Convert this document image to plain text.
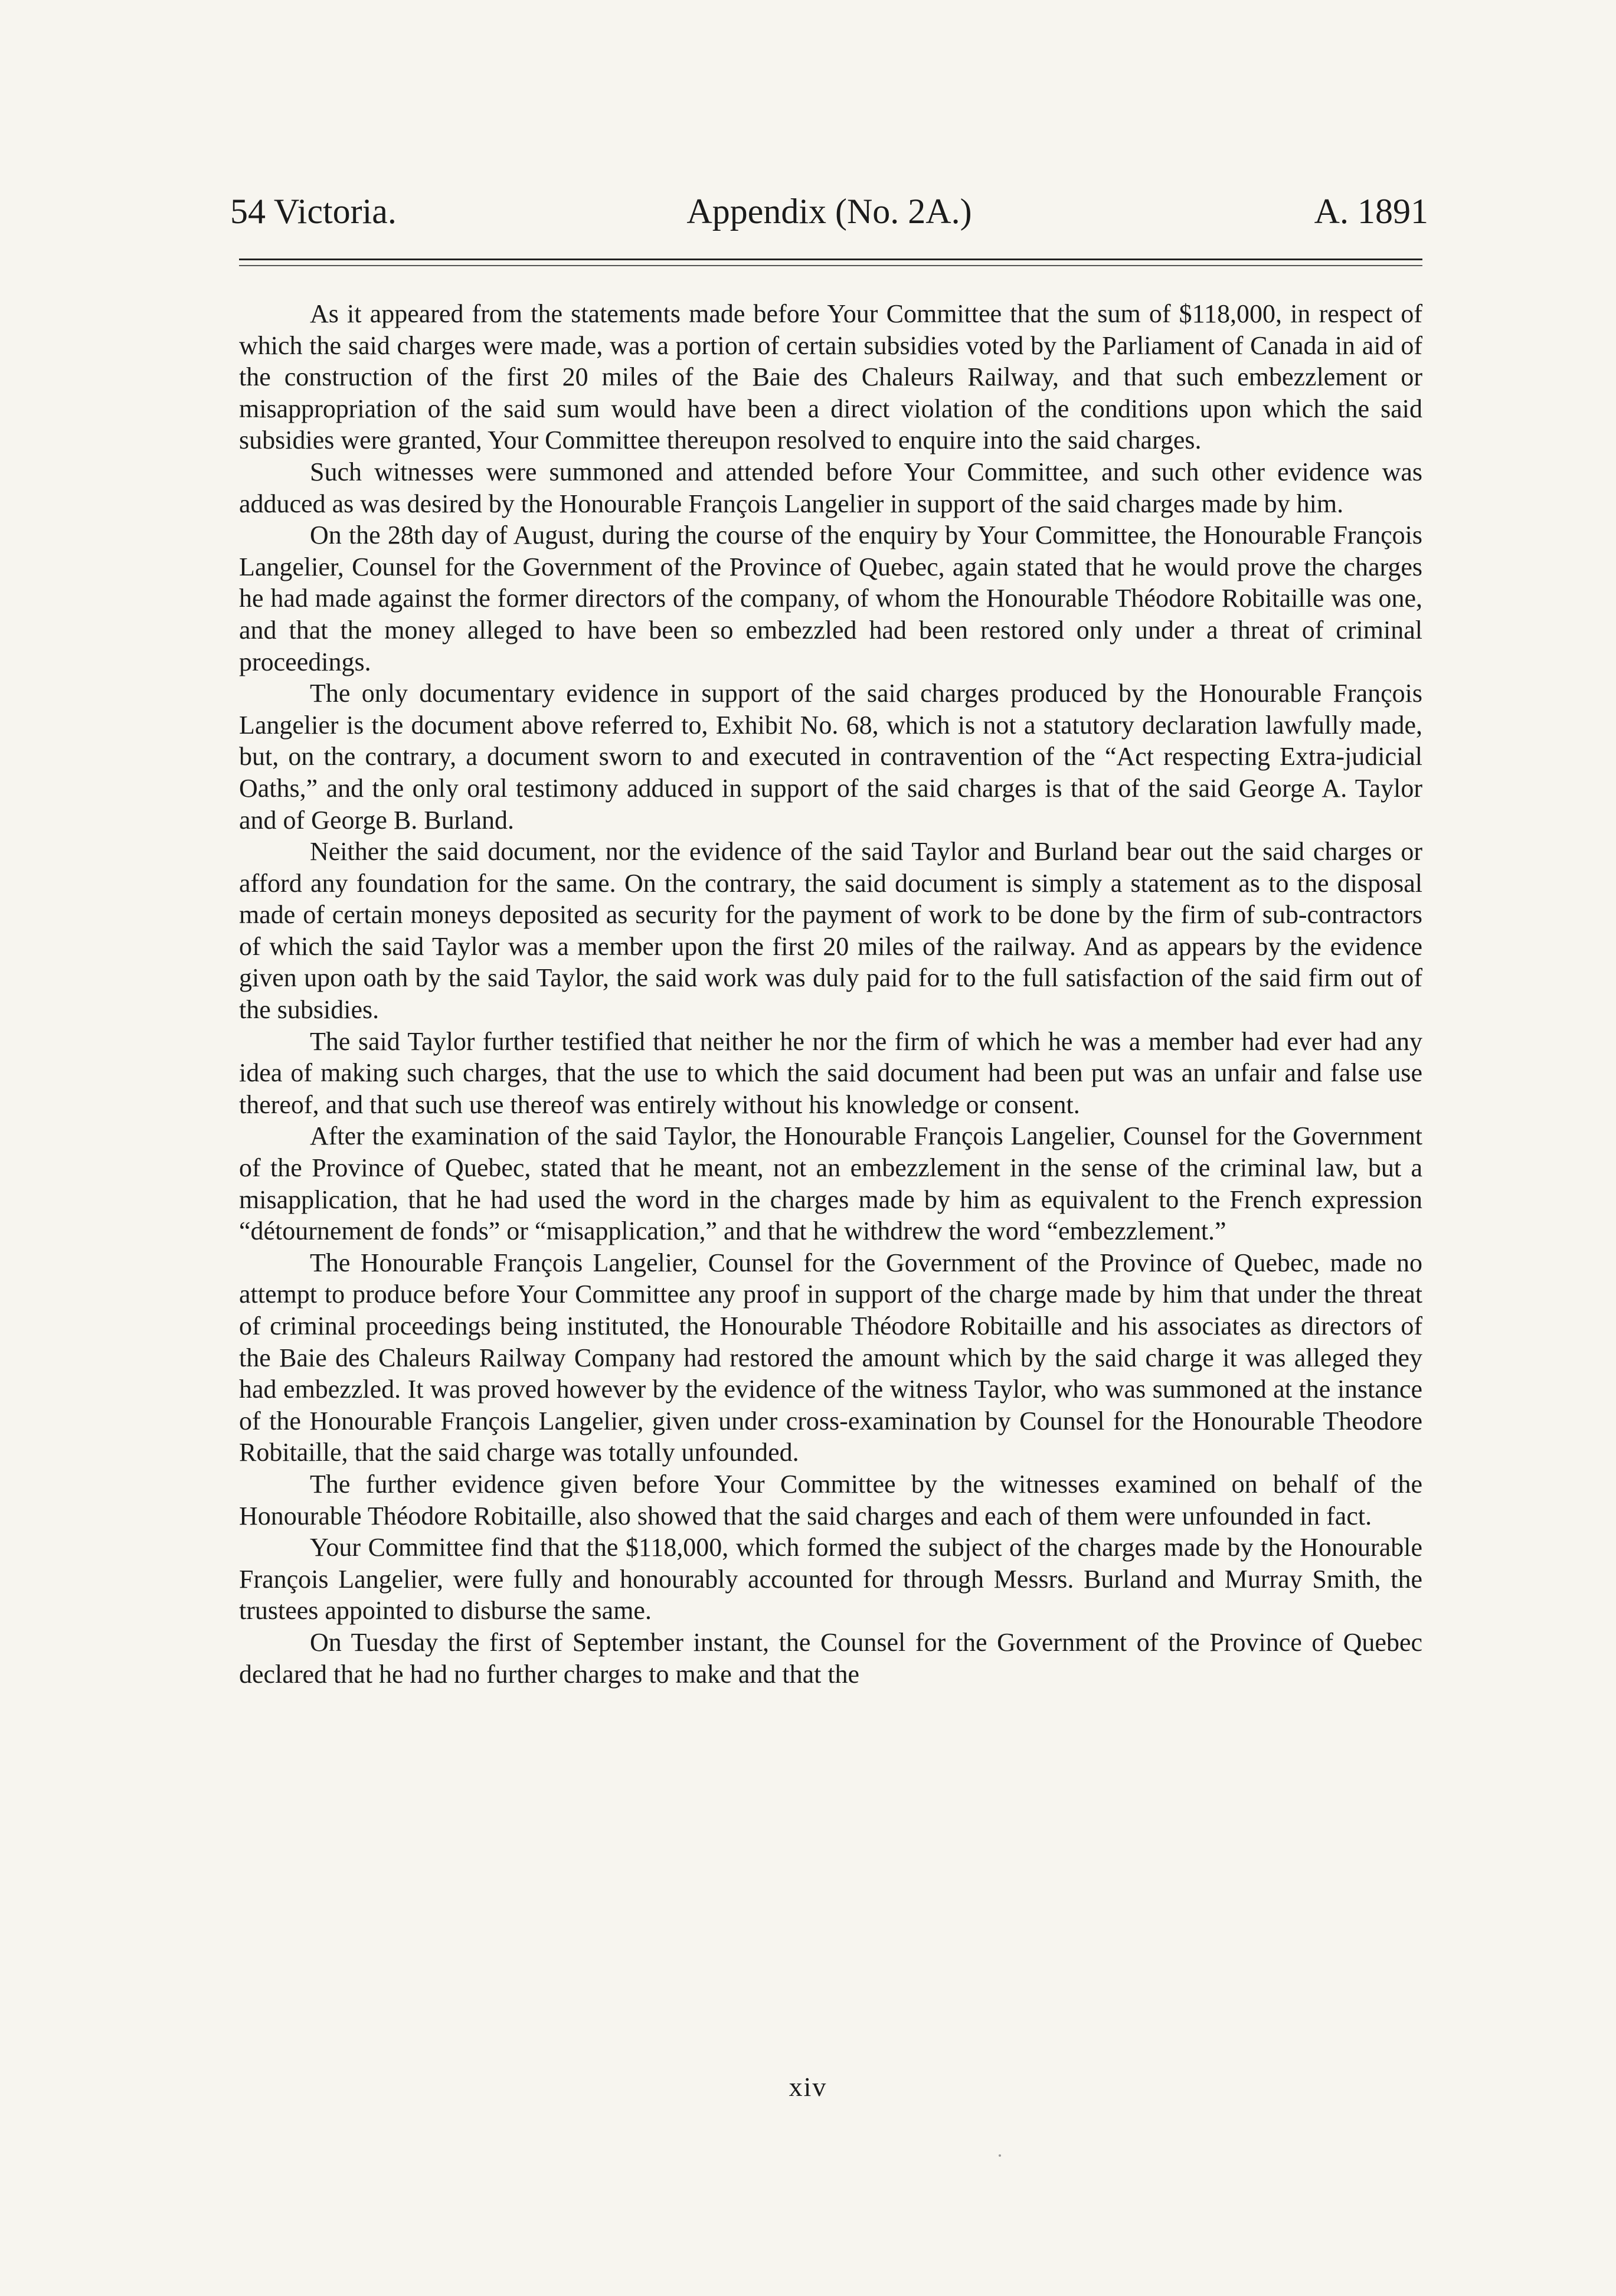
54 Victoria.	Appendix (No. 2A.)	A. 1891

As it appeared from the statements made before Your Committee that the sum of $118,000, in respect of which the said charges were made, was a portion of certain subsidies voted by the Parliament of Canada in aid of the construction of the first 20 miles of the Baie des Chaleurs Railway, and that such embezzlement or misappropriation of the said sum would have been a direct violation of the conditions upon which the said subsidies were granted, Your Committee thereupon resolved to enquire into the said charges.

Such witnesses were summoned and attended before Your Committee, and such other evidence was adduced as was desired by the Honourable François Langelier in support of the said charges made by him.

On the 28th day of August, during the course of the enquiry by Your Committee, the Honourable François Langelier, Counsel for the Government of the Province of Quebec, again stated that he would prove the charges he had made against the former directors of the company, of whom the Honourable Théodore Robitaille was one, and that the money alleged to have been so embezzled had been restored only under a threat of criminal proceedings.

The only documentary evidence in support of the said charges produced by the Honourable François Langelier is the document above referred to, Exhibit No. 68, which is not a statutory declaration lawfully made, but, on the contrary, a document sworn to and executed in contravention of the “Act respecting Extra-judicial Oaths,” and the only oral testimony adduced in support of the said charges is that of the said George A. Taylor and of George B. Burland.

Neither the said document, nor the evidence of the said Taylor and Burland bear out the said charges or afford any foundation for the same. On the contrary, the said document is simply a statement as to the disposal made of certain moneys deposited as security for the payment of work to be done by the firm of sub-contractors of which the said Taylor was a member upon the first 20 miles of the railway. And as appears by the evidence given upon oath by the said Taylor, the said work was duly paid for to the full satisfaction of the said firm out of the subsidies.

The said Taylor further testified that neither he nor the firm of which he was a member had ever had any idea of making such charges, that the use to which the said document had been put was an unfair and false use thereof, and that such use thereof was entirely without his knowledge or consent.

After the examination of the said Taylor, the Honourable François Langelier, Counsel for the Government of the Province of Quebec, stated that he meant, not an embezzlement in the sense of the criminal law, but a misapplication, that he had used the word in the charges made by him as equivalent to the French expression “détournement de fonds” or “misapplication,” and that he withdrew the word “embezzlement.”

The Honourable François Langelier, Counsel for the Government of the Province of Quebec, made no attempt to produce before Your Committee any proof in support of the charge made by him that under the threat of criminal proceedings being instituted, the Honourable Théodore Robitaille and his associates as directors of the Baie des Chaleurs Railway Company had restored the amount which by the said charge it was alleged they had embezzled. It was proved however by the evidence of the witness Taylor, who was summoned at the instance of the Honourable François Langelier, given under cross-examination by Counsel for the Honourable Theodore Robitaille, that the said charge was totally unfounded.

The further evidence given before Your Committee by the witnesses examined on behalf of the Honourable Théodore Robitaille, also showed that the said charges and each of them were unfounded in fact.

Your Committee find that the $118,000, which formed the subject of the charges made by the Honourable François Langelier, were fully and honourably accounted for through Messrs. Burland and Murray Smith, the trustees appointed to disburse the same.

On Tuesday the first of September instant, the Counsel for the Government of the Province of Quebec declared that he had no further charges to make and that the

xiv
